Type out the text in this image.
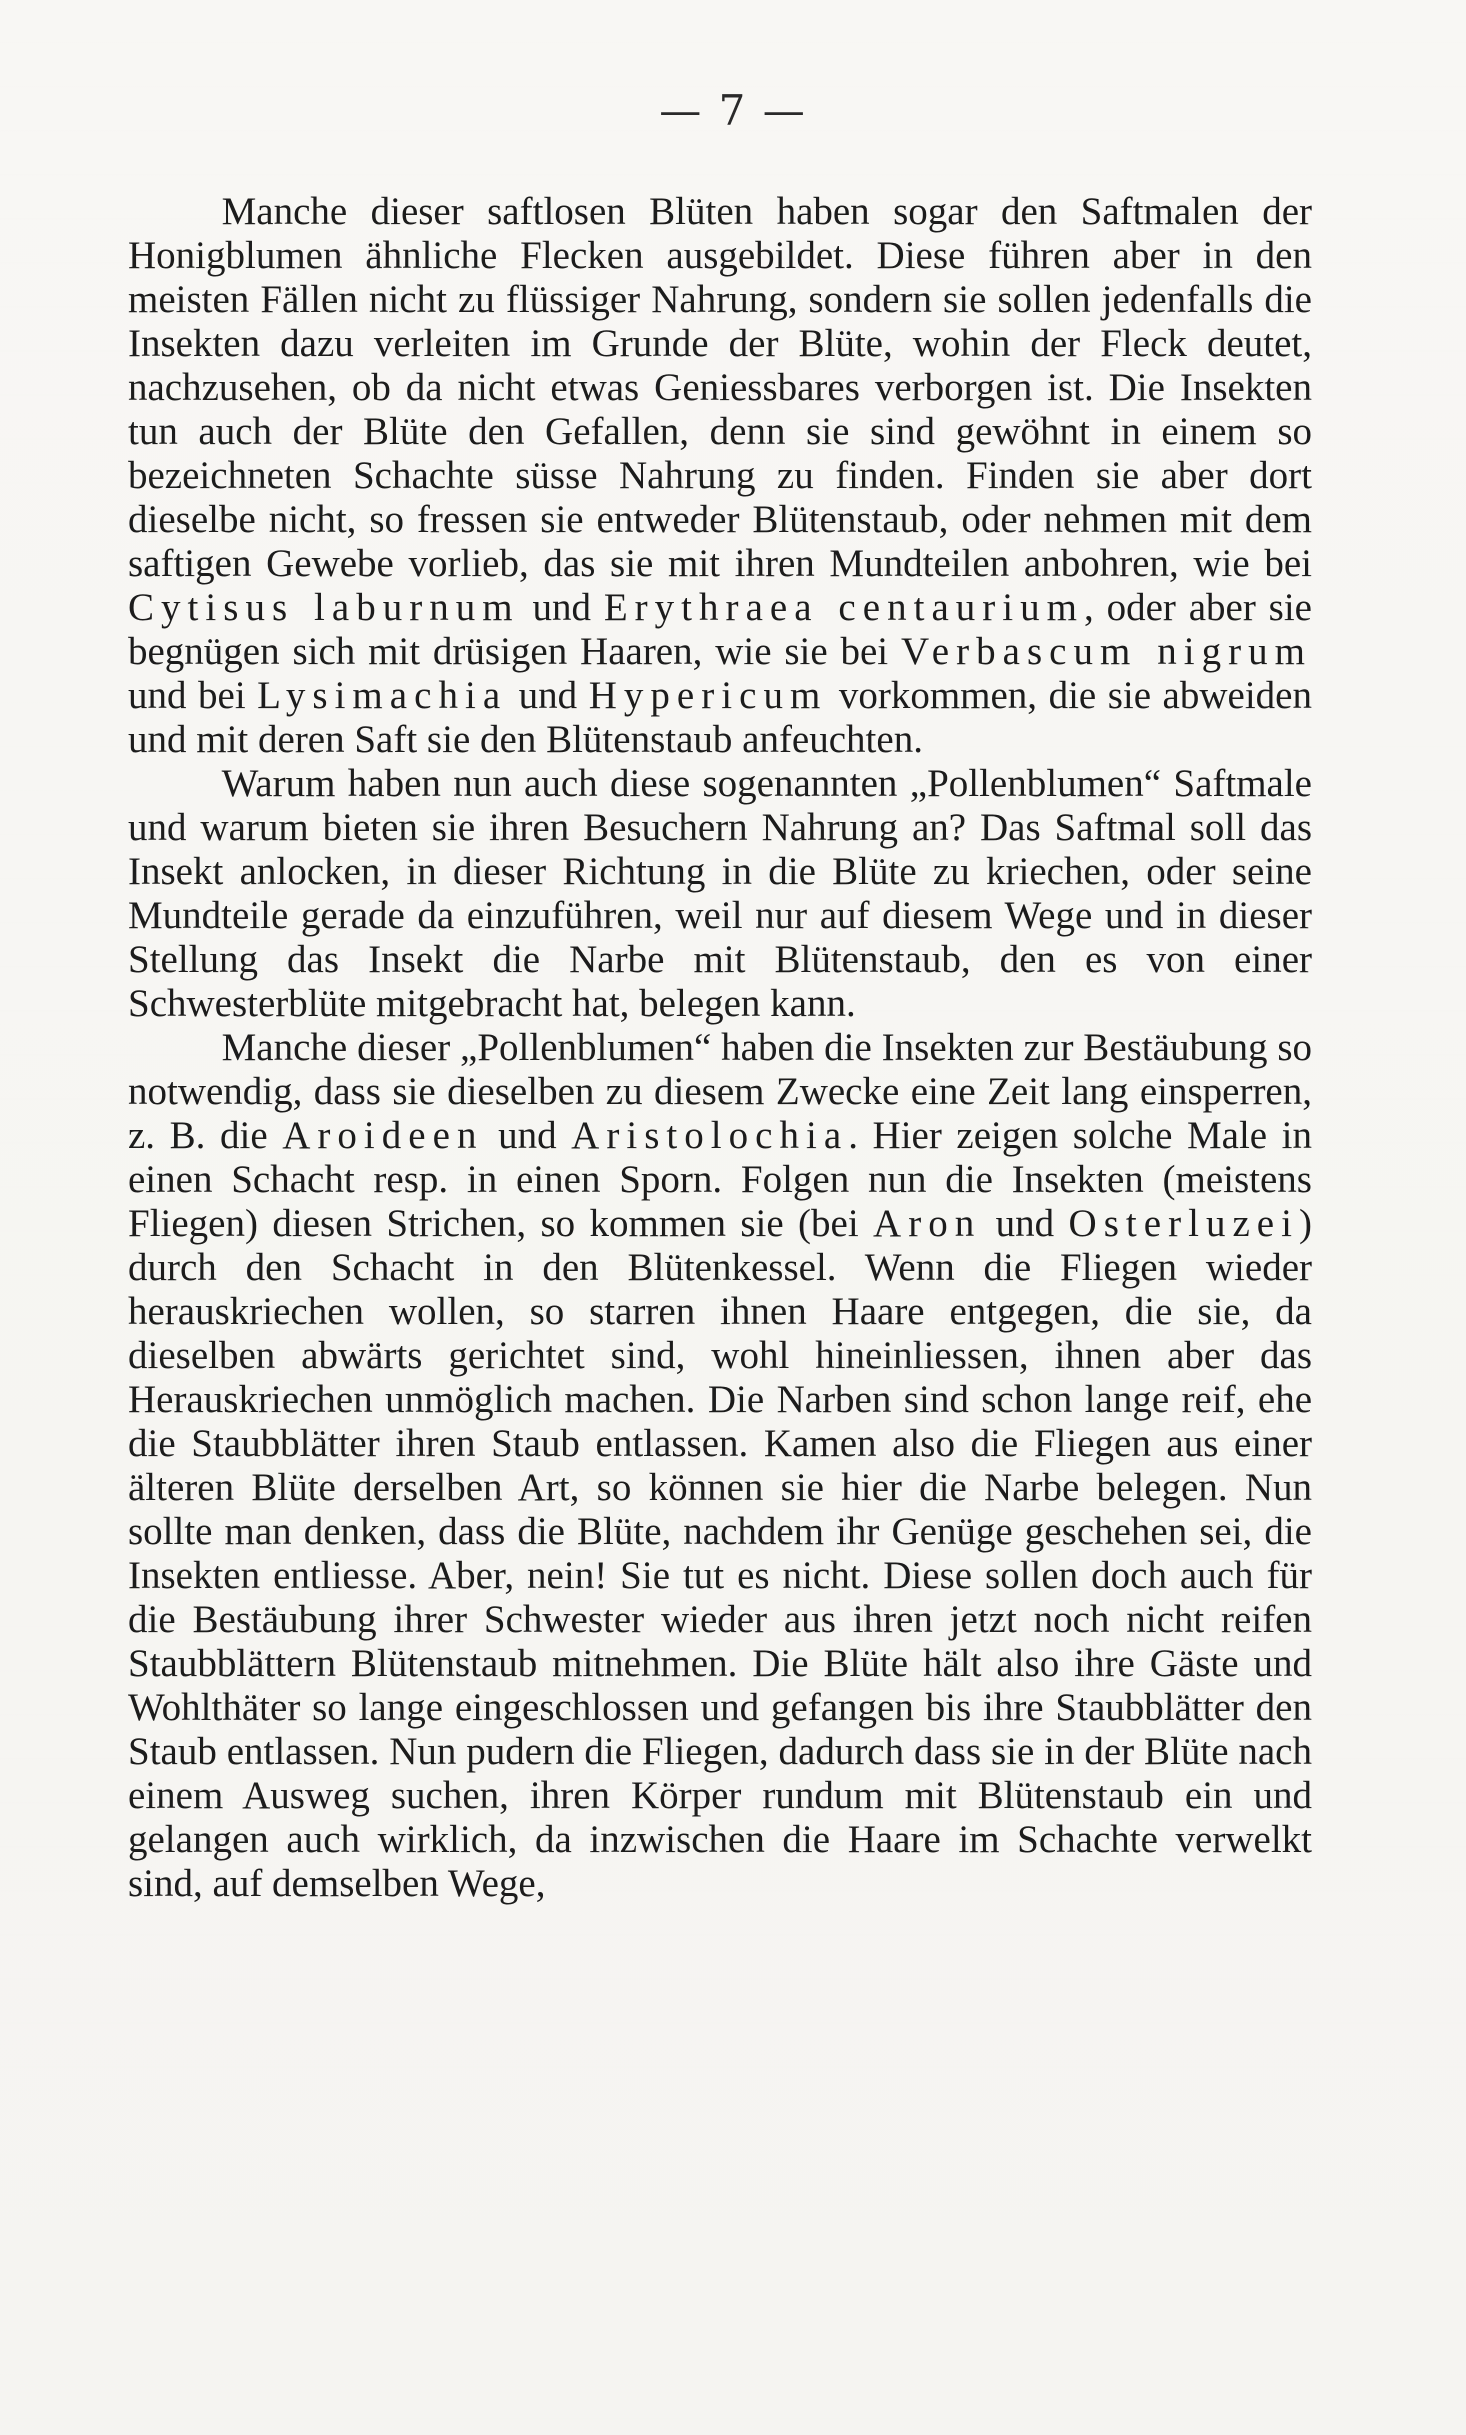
— 7 —

Manche dieser saftlosen Blüten haben sogar den Saftmalen der Honigblumen ähnliche Flecken ausgebildet. Diese führen aber in den meisten Fällen nicht zu flüssiger Nahrung, sondern sie sollen jedenfalls die Insekten dazu verleiten im Grunde der Blüte, wohin der Fleck deutet, nachzusehen, ob da nicht etwas Geniessbares verborgen ist. Die Insekten tun auch der Blüte den Gefallen, denn sie sind gewöhnt in einem so bezeichneten Schachte süsse Nahrung zu finden. Finden sie aber dort dieselbe nicht, so fressen sie entweder Blütenstaub, oder nehmen mit dem saftigen Gewebe vorlieb, das sie mit ihren Mundteilen anbohren, wie bei Cytisus laburnum und Erythraea centaurium, oder aber sie begnügen sich mit drüsigen Haaren, wie sie bei Verbascum nigrum und bei Lysimachia und Hypericum vorkommen, die sie abweiden und mit deren Saft sie den Blütenstaub anfeuchten.

Warum haben nun auch diese sogenannten „Pollenblumen“ Saftmale und warum bieten sie ihren Besuchern Nahrung an? Das Saftmal soll das Insekt anlocken, in dieser Richtung in die Blüte zu kriechen, oder seine Mundteile gerade da einzuführen, weil nur auf diesem Wege und in dieser Stellung das Insekt die Narbe mit Blütenstaub, den es von einer Schwesterblüte mitgebracht hat, belegen kann.

Manche dieser „Pollenblumen“ haben die Insekten zur Bestäubung so notwendig, dass sie dieselben zu diesem Zwecke eine Zeit lang einsperren, z. B. die Aroideen und Aristolochia. Hier zeigen solche Male in einen Schacht resp. in einen Sporn. Folgen nun die Insekten (meistens Fliegen) diesen Strichen, so kommen sie (bei Aron und Osterluzei) durch den Schacht in den Blütenkessel. Wenn die Fliegen wieder herauskriechen wollen, so starren ihnen Haare entgegen, die sie, da dieselben abwärts gerichtet sind, wohl hineinliessen, ihnen aber das Herauskriechen unmöglich machen. Die Narben sind schon lange reif, ehe die Staubblätter ihren Staub entlassen. Kamen also die Fliegen aus einer älteren Blüte derselben Art, so können sie hier die Narbe belegen. Nun sollte man denken, dass die Blüte, nachdem ihr Genüge geschehen sei, die Insekten entliesse. Aber, nein! Sie tut es nicht. Diese sollen doch auch für die Bestäubung ihrer Schwester wieder aus ihren jetzt noch nicht reifen Staubblättern Blütenstaub mitnehmen. Die Blüte hält also ihre Gäste und Wohlthäter so lange eingeschlossen und gefangen bis ihre Staubblätter den Staub entlassen. Nun pudern die Fliegen, dadurch dass sie in der Blüte nach einem Ausweg suchen, ihren Körper rundum mit Blütenstaub ein und gelangen auch wirklich, da inzwischen die Haare im Schachte verwelkt sind, auf demselben Wege,
